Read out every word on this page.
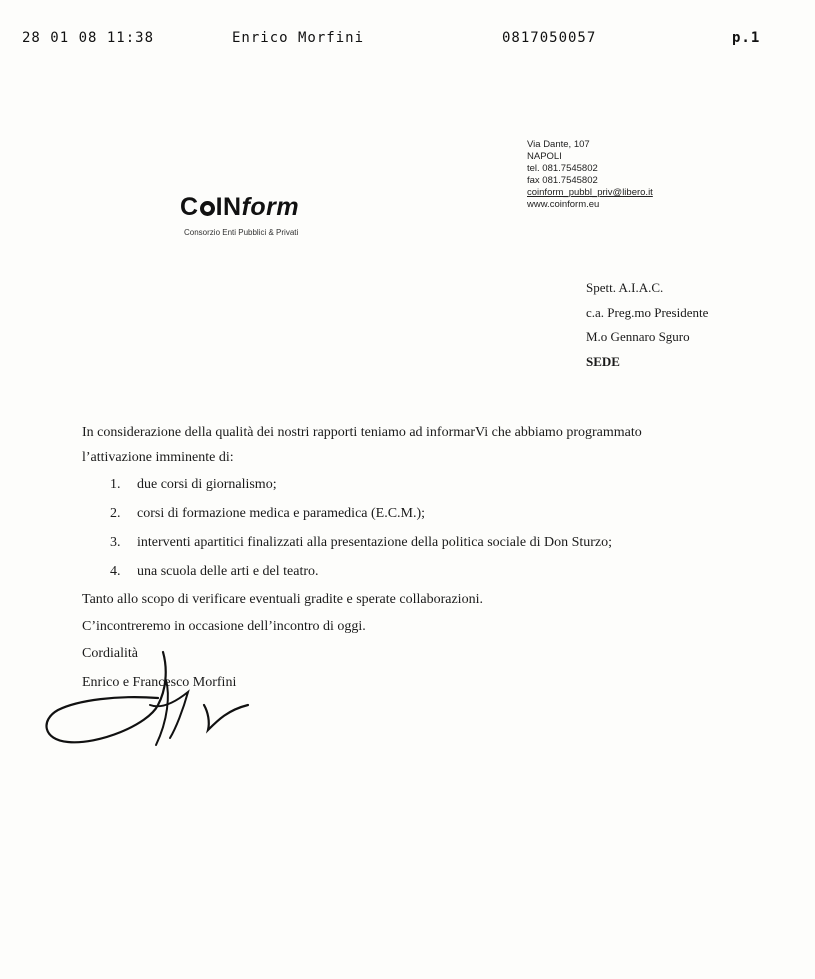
28 01 08 11:38	Enrico Morfini	0817050057	p.1
Via Dante, 107
NAPOLI
tel. 081.7545802
fax 081.7545802
coinform_pubbl_priv@libero.it
www.coinform.eu
C INform
Consorzio Enti Pubblici & Privati
Spett. A.I.A.C.
c.a. Preg.mo Presidente
M.o Gennaro Sguro
SEDE

In considerazione della qualità dei nostri rapporti teniamo ad informarVi che abbiamo programmato

l’attivazione imminente di:

1. due corsi di giornalismo;
2. corsi di formazione medica e paramedica (E.C.M.);
3. interventi apartitici finalizzati alla presentazione della politica sociale di Don Sturzo;
4. una scuola delle arti e del teatro.

Tanto allo scopo di verificare eventuali gradite e sperate collaborazioni.

C’incontreremo in occasione dell’incontro di oggi.

Cordialità

Enrico e Francesco Morfini
